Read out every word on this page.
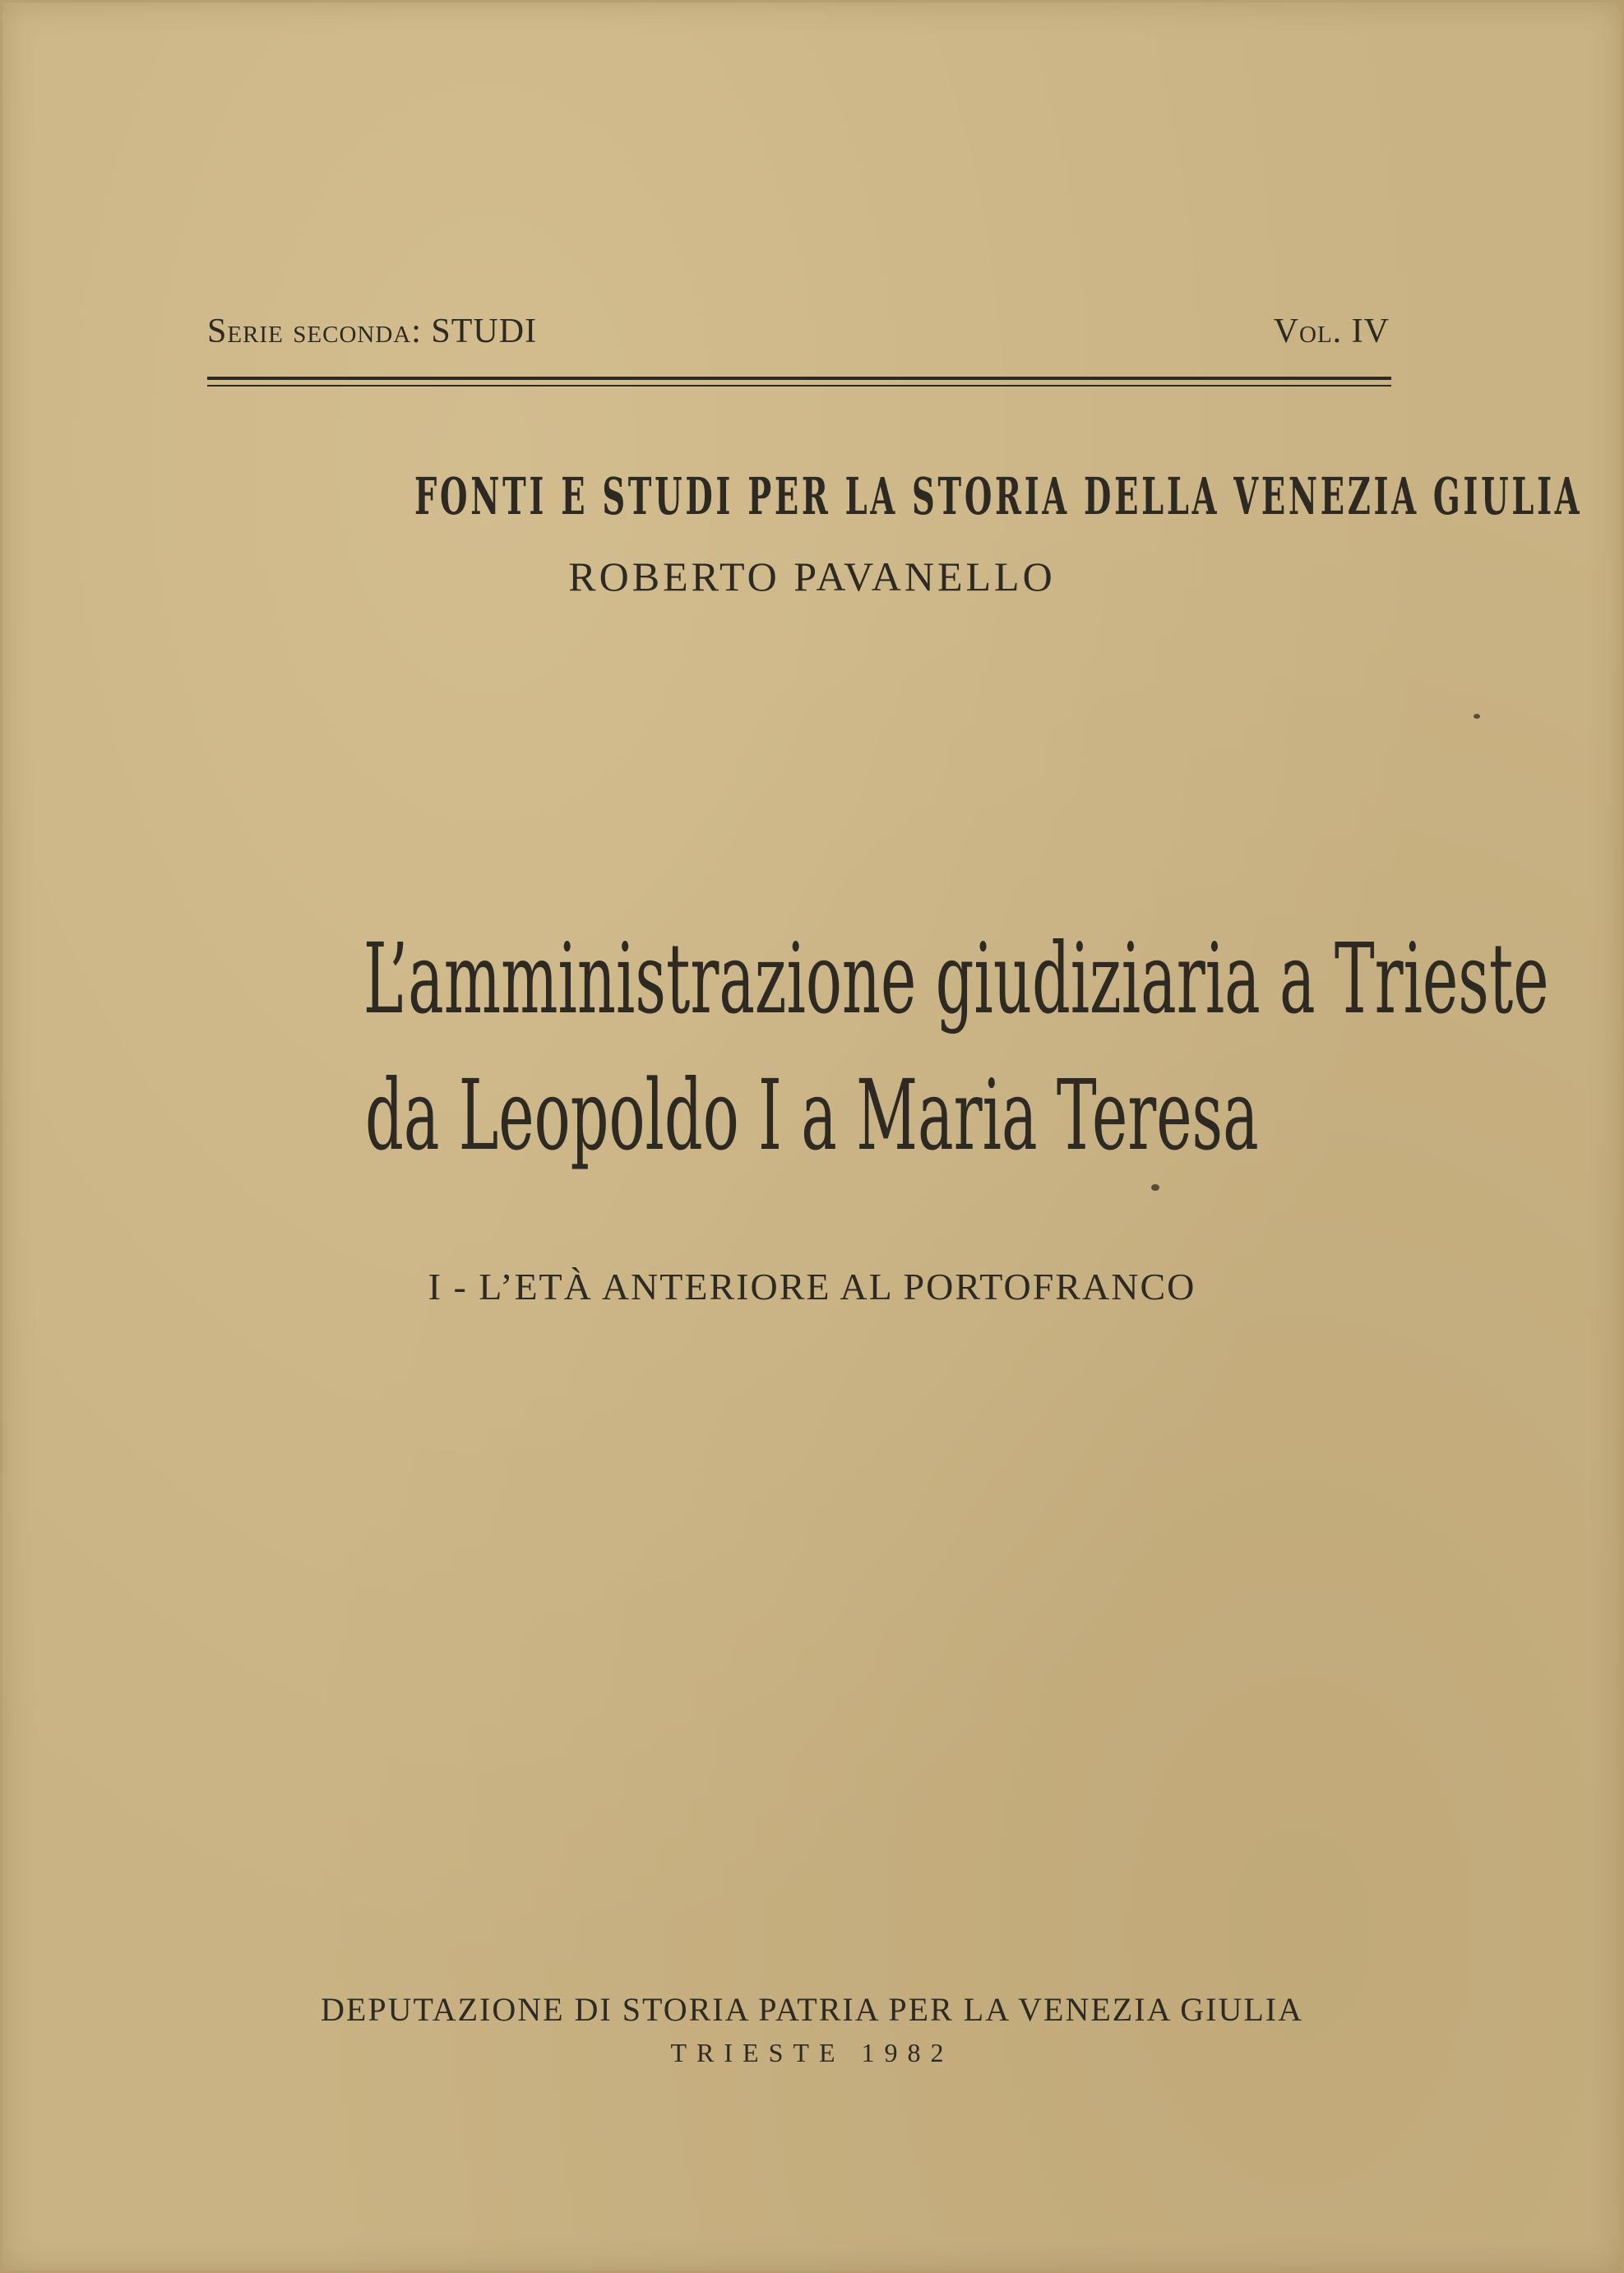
FONTI E STUDI PER LA STORIA DELLA VENEZIA GIULIA
Serie seconda: STUDI	Vol. IV
ROBERTO PAVANELLO
L’amministrazione giudiziaria a Trieste
da Leopoldo I a Maria Teresa
I - L’ETÀ ANTERIORE AL PORTOFRANCO
DEPUTAZIONE DI STORIA PATRIA PER LA VENEZIA GIULIA
TRIESTE 1982
